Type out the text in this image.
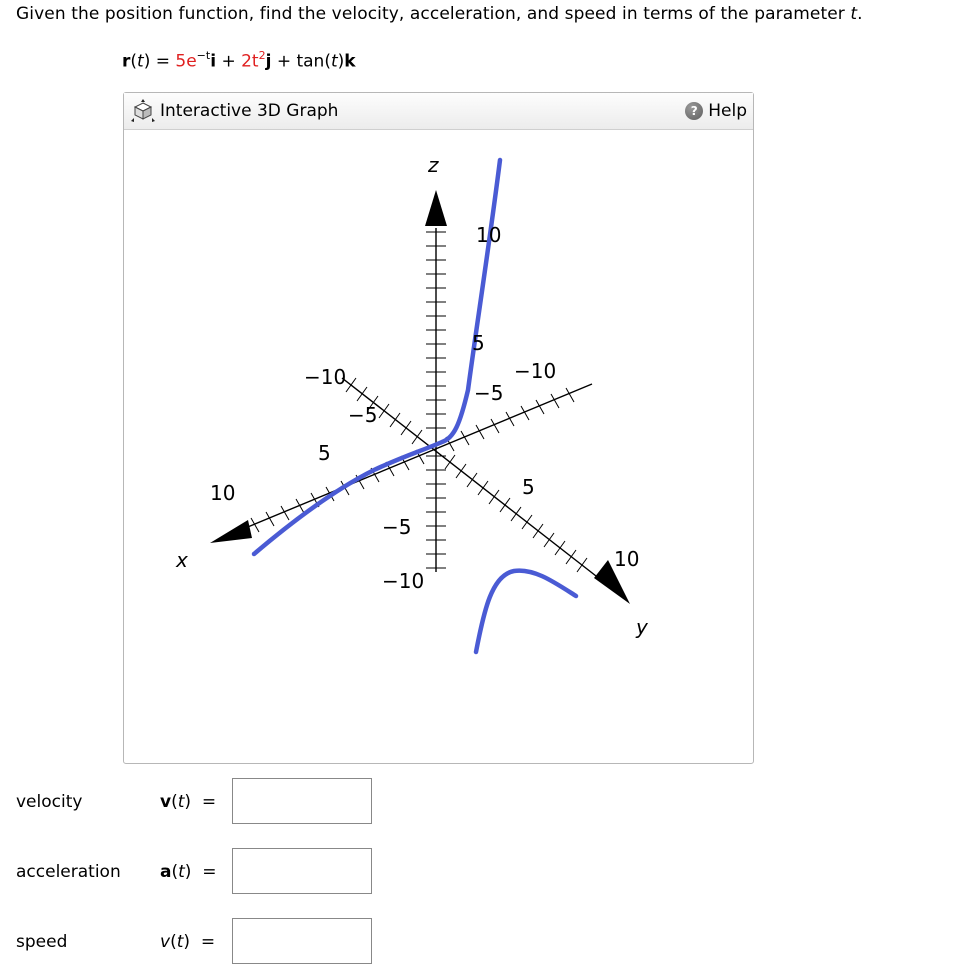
Given the position function, find the velocity, acceleration, and speed in terms of the parameter t.
$r(t) = 5e^{-t}i + 2t^2j + \tan(t)k$
Interactive 3D Graph	? Help
z
x
y
10
5
−5
−10
10
5
−5
−10
10
5
−5
−10
velocity	v(t)  =
acceleration a(t)  =
speed	v(t)  =
